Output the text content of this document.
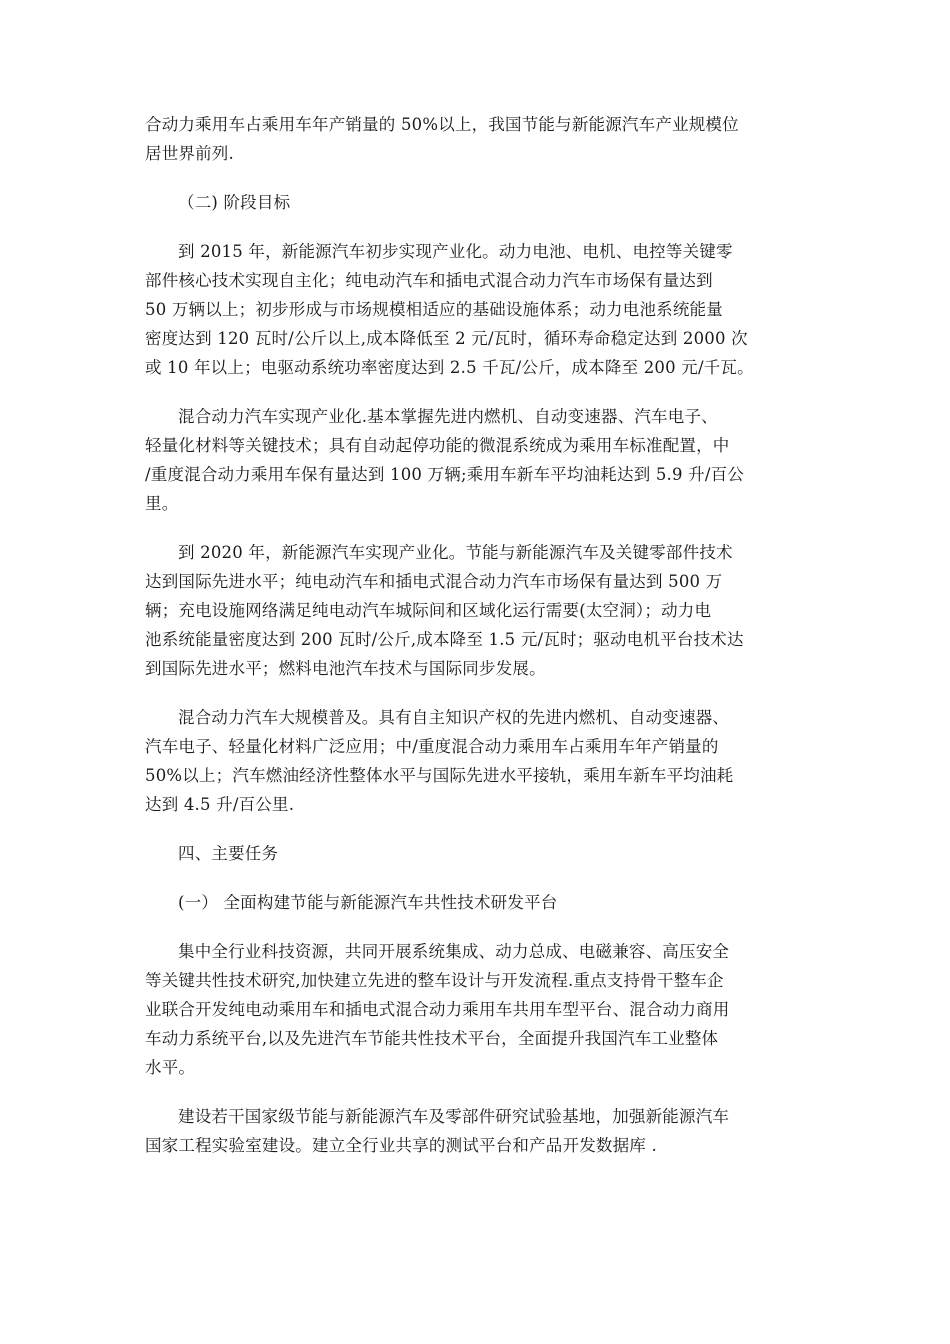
合动力乘用车占乘用车年产销量的 50%以上，我国节能与新能源汽车产业规模位
居世界前列.

（二) 阶段目标

到 2015 年，新能源汽车初步实现产业化。动力电池、电机、电控等关键零
部件核心技术实现自主化；纯电动汽车和插电式混合动力汽车市场保有量达到
50 万辆以上；初步形成与市场规模相适应的基础设施体系；动力电池系统能量
密度达到 120 瓦时/公斤以上,成本降低至 2 元/瓦时，循环寿命稳定达到 2000 次
或 10 年以上；电驱动系统功率密度达到 2.5 千瓦/公斤，成本降至 200 元/千瓦。

混合动力汽车实现产业化.基本掌握先进内燃机、自动变速器、汽车电子、
轻量化材料等关键技术；具有自动起停功能的微混系统成为乘用车标准配置，中
/重度混合动力乘用车保有量达到 100 万辆;乘用车新车平均油耗达到 5.9 升/百公
里。

到 2020 年，新能源汽车实现产业化。节能与新能源汽车及关键零部件技术
达到国际先进水平；纯电动汽车和插电式混合动力汽车市场保有量达到 500 万
辆；充电设施网络满足纯电动汽车城际间和区域化运行需要(太空洞）；动力电
池系统能量密度达到 200 瓦时/公斤,成本降至 1.5 元/瓦时；驱动电机平台技术达
到国际先进水平；燃料电池汽车技术与国际同步发展。

混合动力汽车大规模普及。具有自主知识产权的先进内燃机、自动变速器、
汽车电子、轻量化材料广泛应用；中/重度混合动力乘用车占乘用车年产销量的
50%以上；汽车燃油经济性整体水平与国际先进水平接轨，乘用车新车平均油耗
达到 4.5 升/百公里.

四、主要任务

(一） 全面构建节能与新能源汽车共性技术研发平台

集中全行业科技资源，共同开展系统集成、动力总成、电磁兼容、高压安全
等关键共性技术研究,加快建立先进的整车设计与开发流程.重点支持骨干整车企
业联合开发纯电动乘用车和插电式混合动力乘用车共用车型平台、混合动力商用
车动力系统平台,以及先进汽车节能共性技术平台，全面提升我国汽车工业整体
水平。

建设若干国家级节能与新能源汽车及零部件研究试验基地，加强新能源汽车
国家工程实验室建设。建立全行业共享的测试平台和产品开发数据库 .
